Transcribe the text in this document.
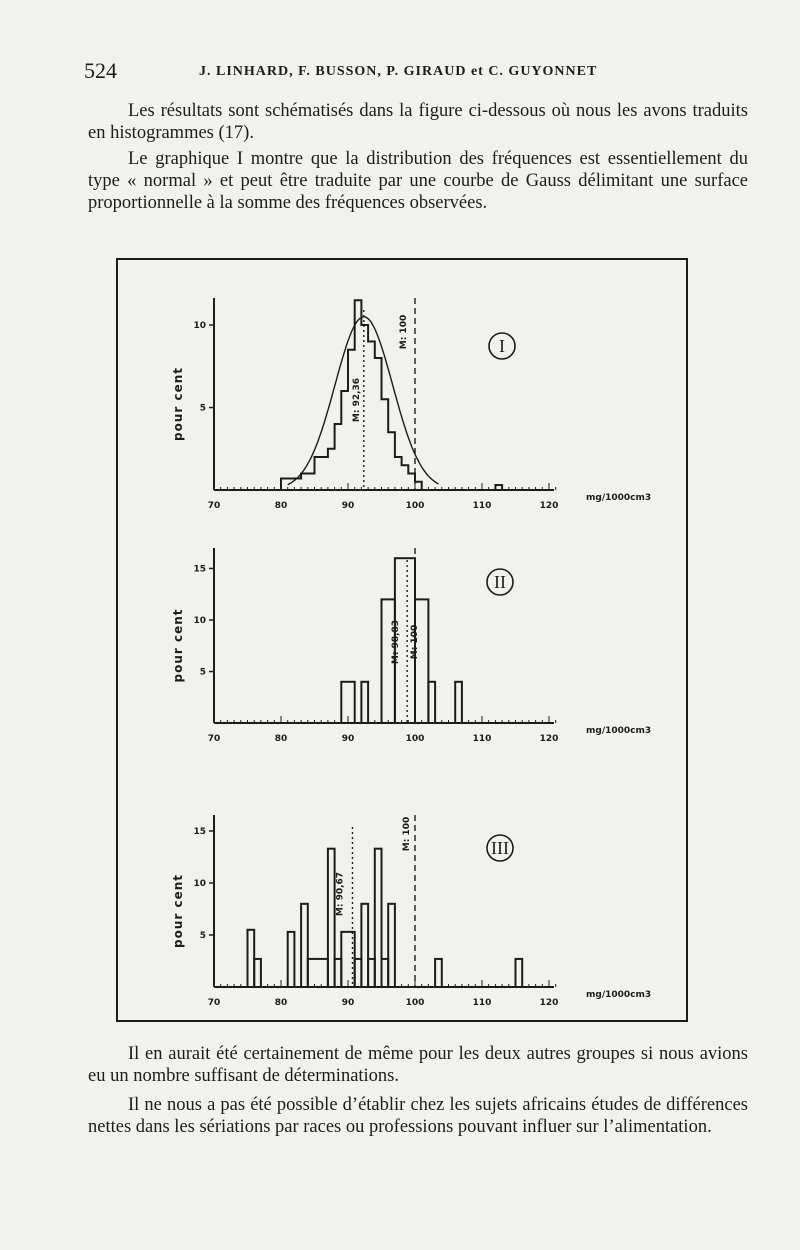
524	J. LINHARD, F. BUSSON, P. GIRAUD et C. GUYONNET

Les résultats sont schématisés dans la figure ci-dessous où nous les avons traduits en histogrammes (17).

Le graphique I montre que la distribution des fréquences est essentiellement du type « normal » et peut être traduite par une courbe de Gauss délimitant une surface proportionnelle à la somme des fréquences observées.

70	80	90	100	110	120
5
10
pour cent
mg/1000cm3
M: 92,36
M: 100	I
70	80	90	100	110	120
5
10
15
pour cent
mg/1000cm3
M: 98,83 M: 100
II
70	80	90	100	110	120
5
10
15
pour cent
mg/1000cm3
M: 90,67
M: 100	III

Il en aurait été certainement de même pour les deux autres groupes si nous avions eu un nombre suffisant de déterminations.

Il ne nous a pas été possible d’établir chez les sujets africains études de différences nettes dans les sériations par races ou professions pouvant influer sur l’alimentation.
